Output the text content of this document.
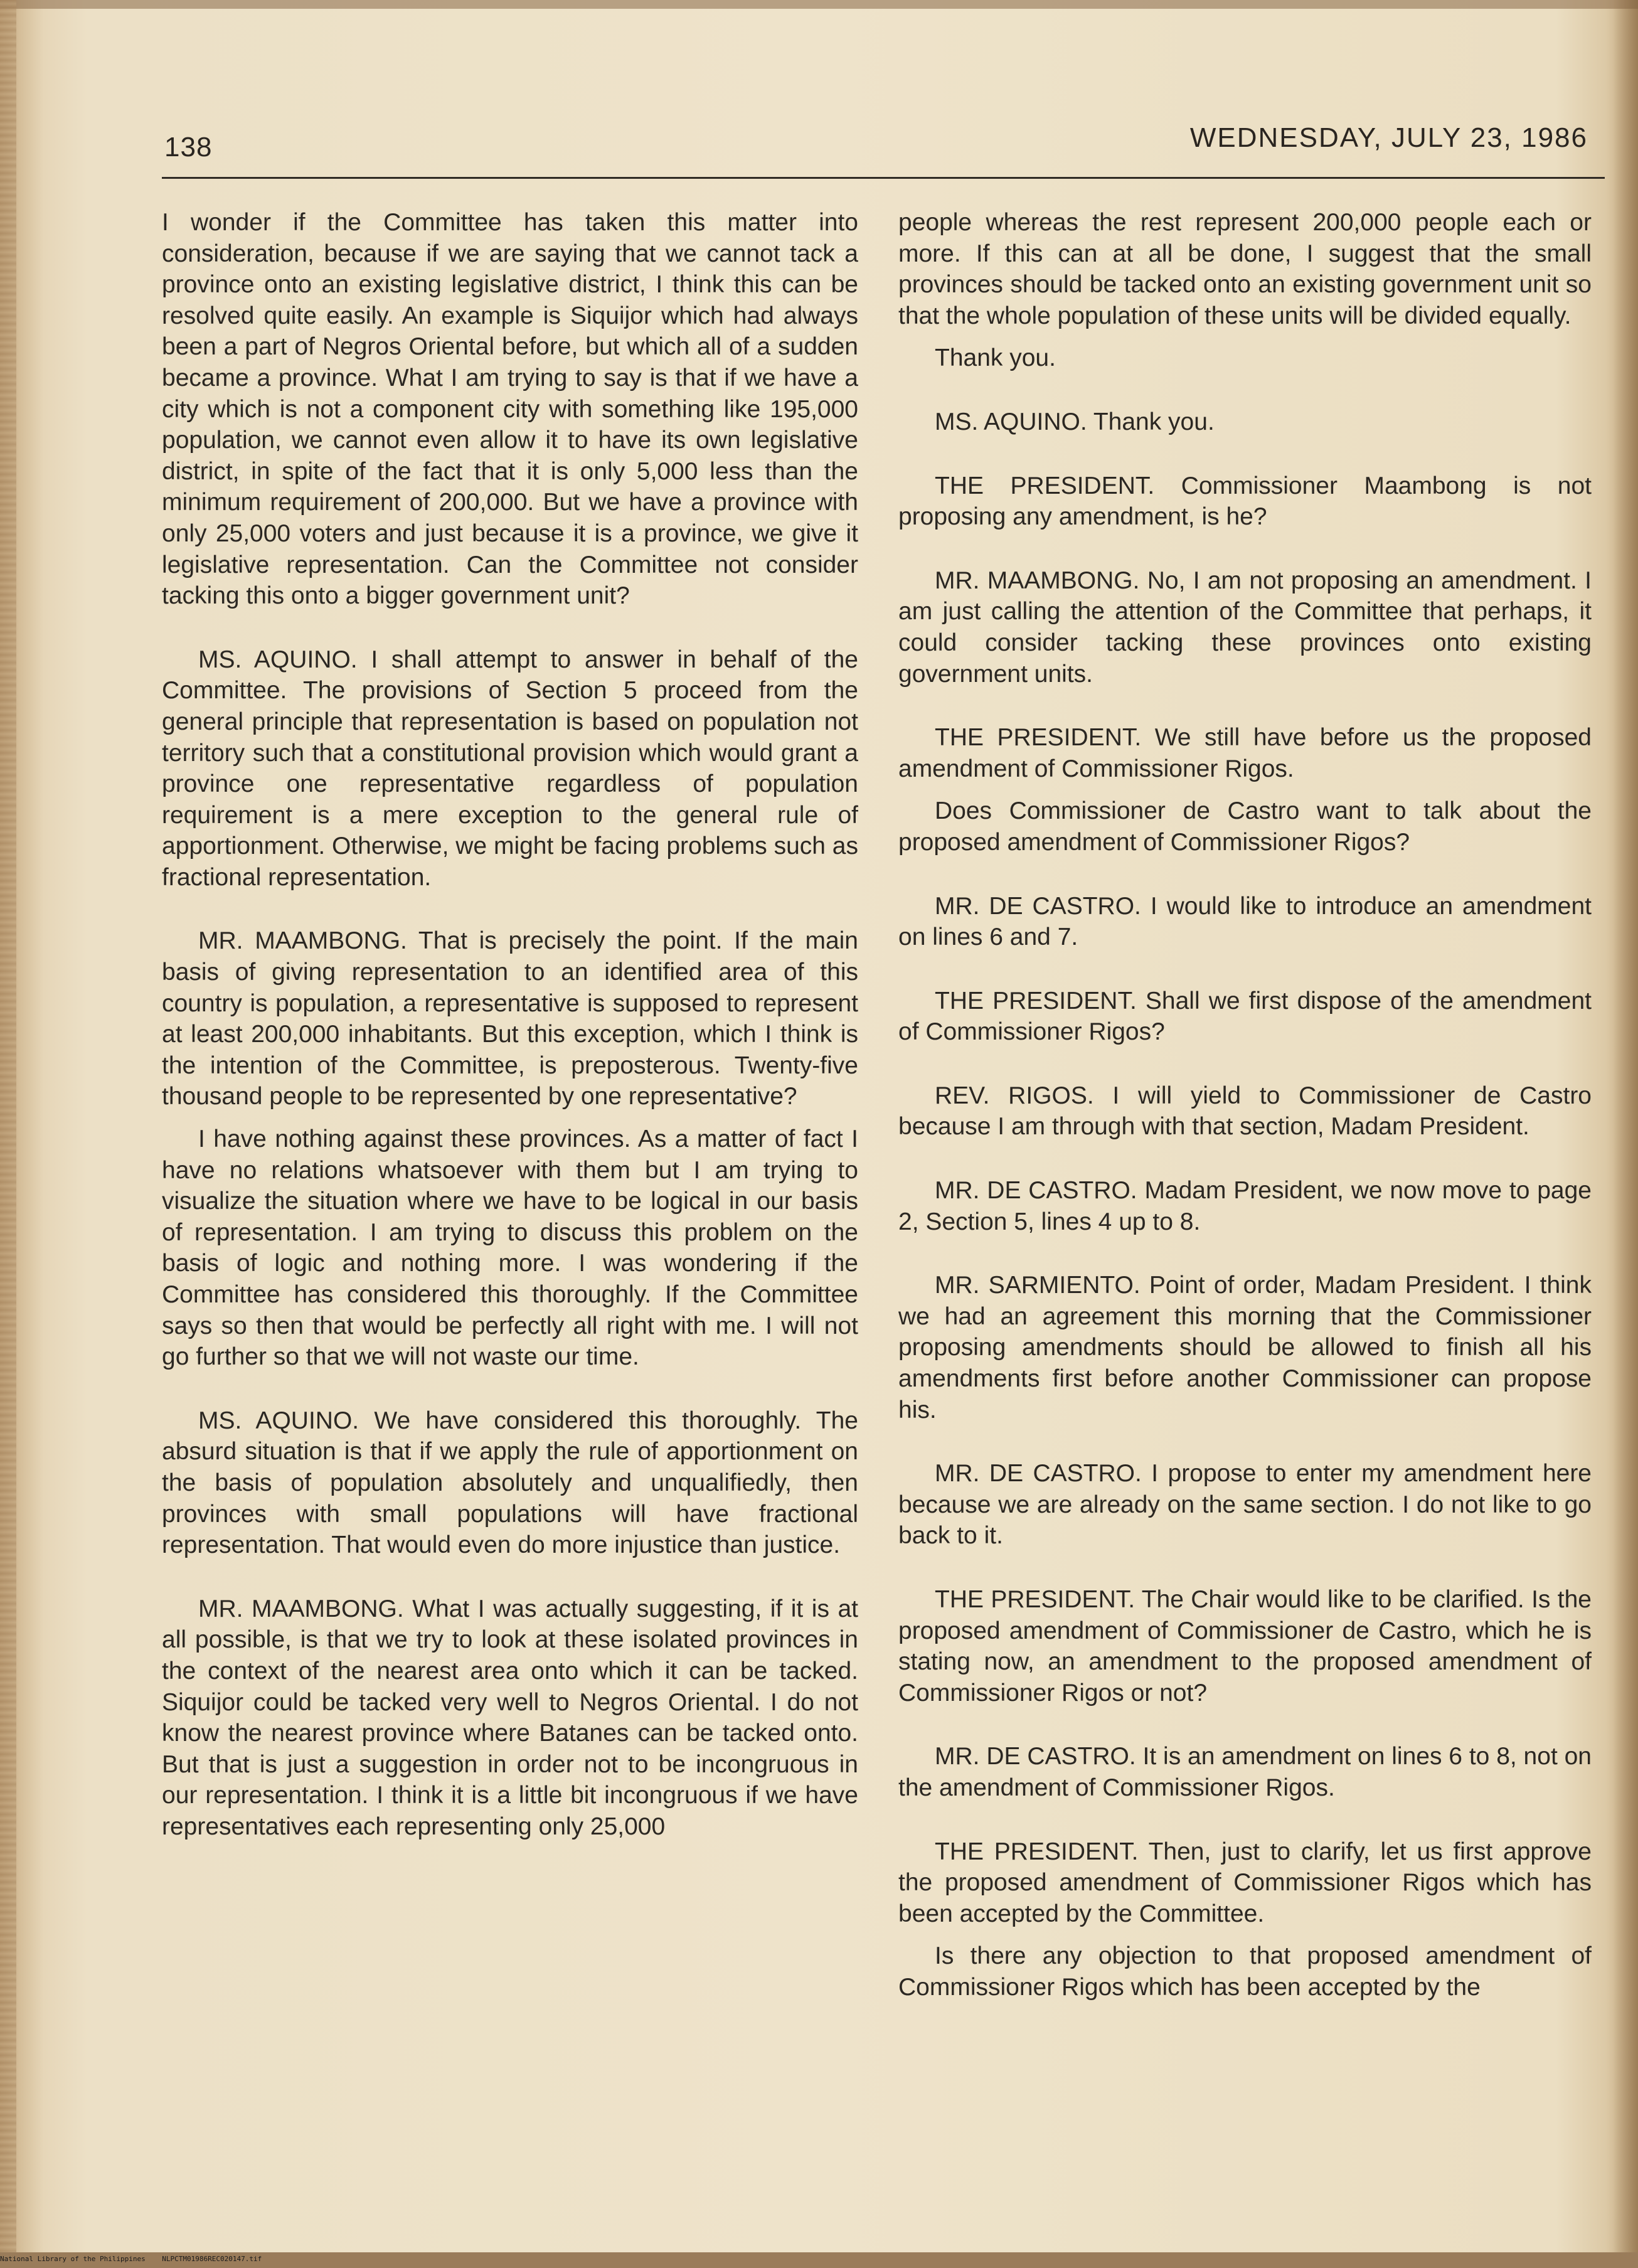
138	WEDNESDAY, JULY 23, 1986

I wonder if the Committee has taken this matter into consideration, because if we are saying that we cannot tack a province onto an existing legislative district, I think this can be resolved quite easily. An example is Siquijor which had always been a part of Negros Oriental before, but which all of a sudden became a province. What I am trying to say is that if we have a city which is not a component city with something like 195,000 population, we cannot even allow it to have its own legislative district, in spite of the fact that it is only 5,000 less than the minimum requirement of 200,000. But we have a province with only 25,000 voters and just because it is a province, we give it legislative representation. Can the Committee not consider tacking this onto a bigger government unit?

MS. AQUINO. I shall attempt to answer in behalf of the Committee. The provisions of Section 5 proceed from the general principle that representation is based on population not territory such that a constitutional provision which would grant a province one representative regardless of population requirement is a mere exception to the general rule of apportionment. Otherwise, we might be facing problems such as fractional representation.

MR. MAAMBONG. That is precisely the point. If the main basis of giving representation to an identified area of this country is population, a representative is supposed to represent at least 200,000 inhabitants. But this exception, which I think is the intention of the Committee, is preposterous. Twenty-five thousand people to be represented by one representative?

I have nothing against these provinces. As a matter of fact I have no relations whatsoever with them but I am trying to visualize the situation where we have to be logical in our basis of representation. I am trying to discuss this problem on the basis of logic and nothing more. I was wondering if the Committee has considered this thoroughly. If the Committee says so then that would be perfectly all right with me. I will not go further so that we will not waste our time.

MS. AQUINO. We have considered this thoroughly. The absurd situation is that if we apply the rule of apportionment on the basis of population absolutely and unqualifiedly, then provinces with small populations will have fractional representation. That would even do more injustice than justice.

MR. MAAMBONG. What I was actually suggesting, if it is at all possible, is that we try to look at these isolated provinces in the context of the nearest area onto which it can be tacked. Siquijor could be tacked very well to Negros Oriental. I do not know the nearest province where Batanes can be tacked onto. But that is just a suggestion in order not to be incongruous in our representation. I think it is a little bit incongruous if we have representatives each representing only 25,000

people whereas the rest represent 200,000 people each or more. If this can at all be done, I suggest that the small provinces should be tacked onto an existing government unit so that the whole population of these units will be divided equally.

Thank you.

MS. AQUINO. Thank you.

THE PRESIDENT. Commissioner Maambong is not proposing any amendment, is he?

MR. MAAMBONG. No, I am not proposing an amendment. I am just calling the attention of the Committee that perhaps, it could consider tacking these provinces onto existing government units.

THE PRESIDENT. We still have before us the proposed amendment of Commissioner Rigos.

Does Commissioner de Castro want to talk about the proposed amendment of Commissioner Rigos?

MR. DE CASTRO. I would like to introduce an amendment on lines 6 and 7.

THE PRESIDENT. Shall we first dispose of the amendment of Commissioner Rigos?

REV. RIGOS. I will yield to Commissioner de Castro because I am through with that section, Madam President.

MR. DE CASTRO. Madam President, we now move to page 2, Section 5, lines 4 up to 8.

MR. SARMIENTO. Point of order, Madam President. I think we had an agreement this morning that the Commissioner proposing amendments should be allowed to finish all his amendments first before another Commissioner can propose his.

MR. DE CASTRO. I propose to enter my amendment here because we are already on the same section. I do not like to go back to it.

THE PRESIDENT. The Chair would like to be clarified. Is the proposed amendment of Commissioner de Castro, which he is stating now, an amendment to the proposed amendment of Commissioner Rigos or not?

MR. DE CASTRO. It is an amendment on lines 6 to 8, not on the amendment of Commissioner Rigos.

THE PRESIDENT. Then, just to clarify, let us first approve the proposed amendment of Commissioner Rigos which has been accepted by the Committee.

Is there any objection to that proposed amendment of Commissioner Rigos which has been accepted by the

National Library of the Philippines    NLPCTM01986REC020147.tif
